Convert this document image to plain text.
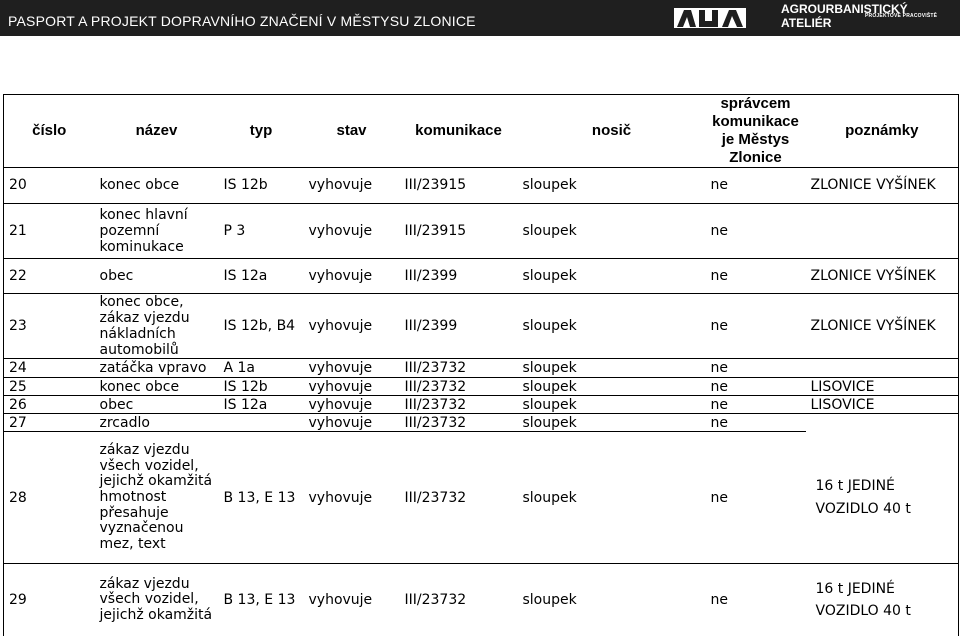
PASPORT A PROJEKT DOPRAVNÍHO ZNAČENÍ V MĚSTYSU ZLONICE
AGROURBANISTICKÝ ATELIÉR	PROJEKTOVÉ PRACOVIŠTĚ
číslo	název	typ	stav	komunikace	nosič	správcem komunikace je Městys Zlonice	poznámky
20	konec obce	IS 12b	vyhovuje	III/23915	sloupek	ne	ZLONICE VYŠÍNEK
21	konec hlavní pozemní kominukace	P 3	vyhovuje	III/23915	sloupek	ne	
22	obec	IS 12a	vyhovuje	III/2399	sloupek	ne	ZLONICE VYŠÍNEK
23	konec obce, zákaz vjezdu nákladních automobilů	IS 12b, B4	vyhovuje	III/2399	sloupek	ne	ZLONICE VYŠÍNEK
24	zatáčka vpravo	A 1a	vyhovuje	III/23732	sloupek	ne	
25	konec obce	IS 12b	vyhovuje	III/23732	sloupek	ne	LISOVICE
26	obec	IS 12a	vyhovuje	III/23732	sloupek	ne	LISOVICE
27	zrcadlo		vyhovuje	III/23732	sloupek	ne	
28	zákaz vjezdu všech vozidel, jejichž okamžitá hmotnost přesahuje vyznačenou mez, text	B 13, E 13	vyhovuje	III/23732	sloupek	ne	16 t JEDINÉ VOZIDLO 40 t
29	zákaz vjezdu všech vozidel, jejichž okamžitá	B 13, E 13	vyhovuje	III/23732	sloupek	ne	16 t JEDINÉ VOZIDLO 40 t
